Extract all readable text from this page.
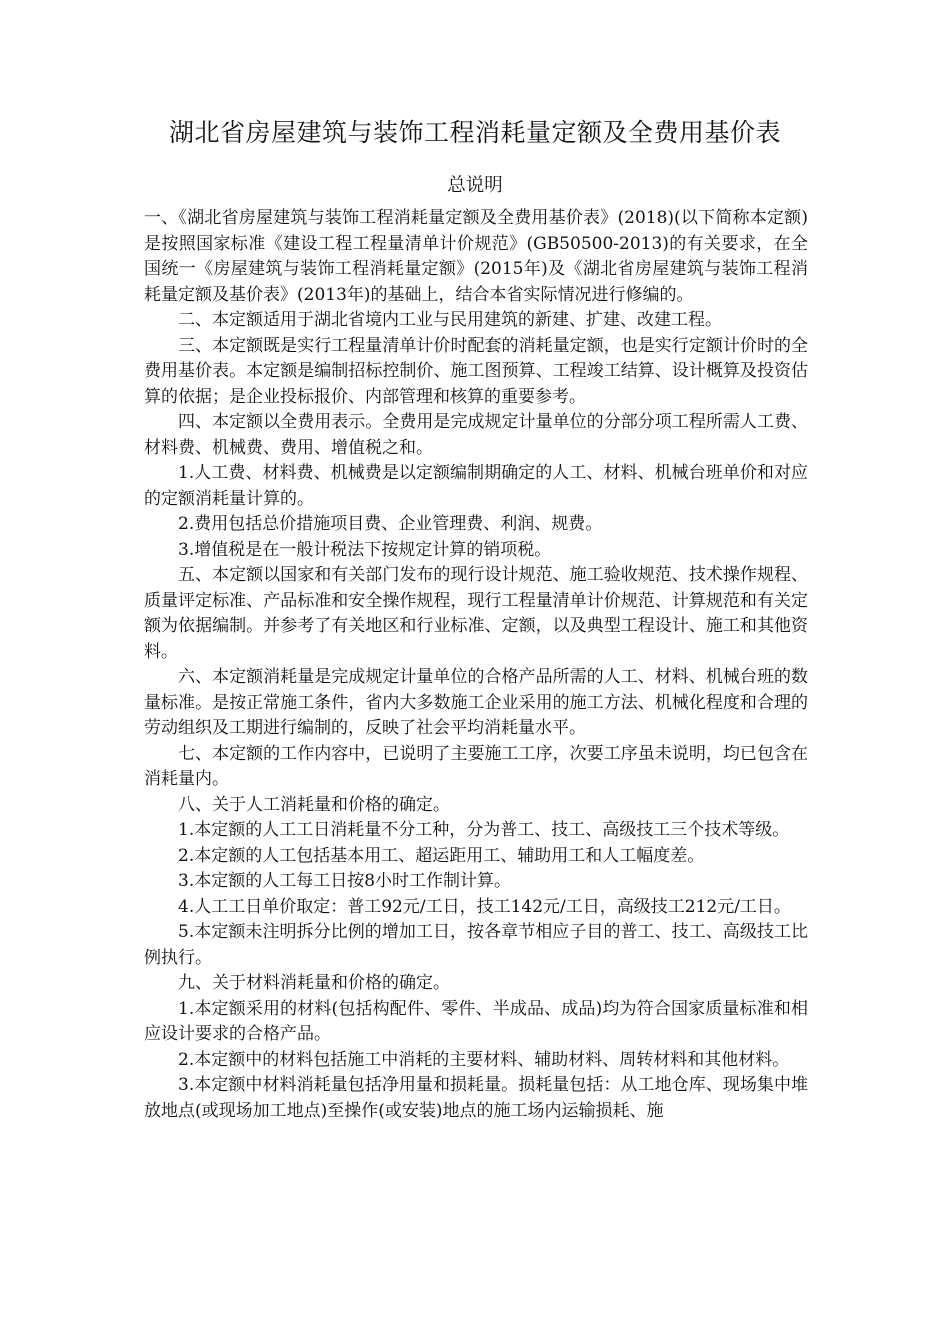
湖北省房屋建筑与装饰工程消耗量定额及全费用基价表
总说明

一、《湖北省房屋建筑与装饰工程消耗量定额及全费用基价表》(2018)(以下简称本定额)是按照国家标准《建设工程工程量清单计价规范》(GB50500-2013)的有关要求，在全国统一《房屋建筑与装饰工程消耗量定额》(2015年)及《湖北省房屋建筑与装饰工程消耗量定额及基价表》(2013年)的基础上，结合本省实际情况进行修编的。

二、本定额适用于湖北省境内工业与民用建筑的新建、扩建、改建工程。

三、本定额既是实行工程量清单计价时配套的消耗量定额，也是实行定额计价时的全费用基价表。本定额是编制招标控制价、施工图预算、工程竣工结算、设计概算及投资估算的依据；是企业投标报价、内部管理和核算的重要参考。

四、本定额以全费用表示。全费用是完成规定计量单位的分部分项工程所需人工费、材料费、机械费、费用、增值税之和。

1.人工费、材料费、机械费是以定额编制期确定的人工、材料、机械台班单价和对应的定额消耗量计算的。

2.费用包括总价措施项目费、企业管理费、利润、规费。

3.增值税是在一般计税法下按规定计算的销项税。

五、本定额以国家和有关部门发布的现行设计规范、施工验收规范、技术操作规程、质量评定标准、产品标准和安全操作规程，现行工程量清单计价规范、计算规范和有关定额为依据编制。并参考了有关地区和行业标准、定额，以及典型工程设计、施工和其他资料。

六、本定额消耗量是完成规定计量单位的合格产品所需的人工、材料、机械台班的数量标准。是按正常施工条件，省内大多数施工企业采用的施工方法、机械化程度和合理的劳动组织及工期进行编制的，反映了社会平均消耗量水平。

七、本定额的工作内容中，已说明了主要施工工序，次要工序虽未说明，均已包含在消耗量内。

八、关于人工消耗量和价格的确定。

1.本定额的人工工日消耗量不分工种，分为普工、技工、高级技工三个技术等级。

2.本定额的人工包括基本用工、超运距用工、辅助用工和人工幅度差。

3.本定额的人工每工日按8小时工作制计算。

4.人工工日单价取定：普工92元/工日，技工142元/工日，高级技工212元/工日。

5.本定额未注明拆分比例的增加工日，按各章节相应子目的普工、技工、高级技工比例执行。

九、关于材料消耗量和价格的确定。

1.本定额采用的材料(包括构配件、零件、半成品、成品)均为符合国家质量标准和相应设计要求的合格产品。

2.本定额中的材料包括施工中消耗的主要材料、辅助材料、周转材料和其他材料。

3.本定额中材料消耗量包括净用量和损耗量。损耗量包括：从工地仓库、现场集中堆放地点(或现场加工地点)至操作(或安装)地点的施工场内运输损耗、施
